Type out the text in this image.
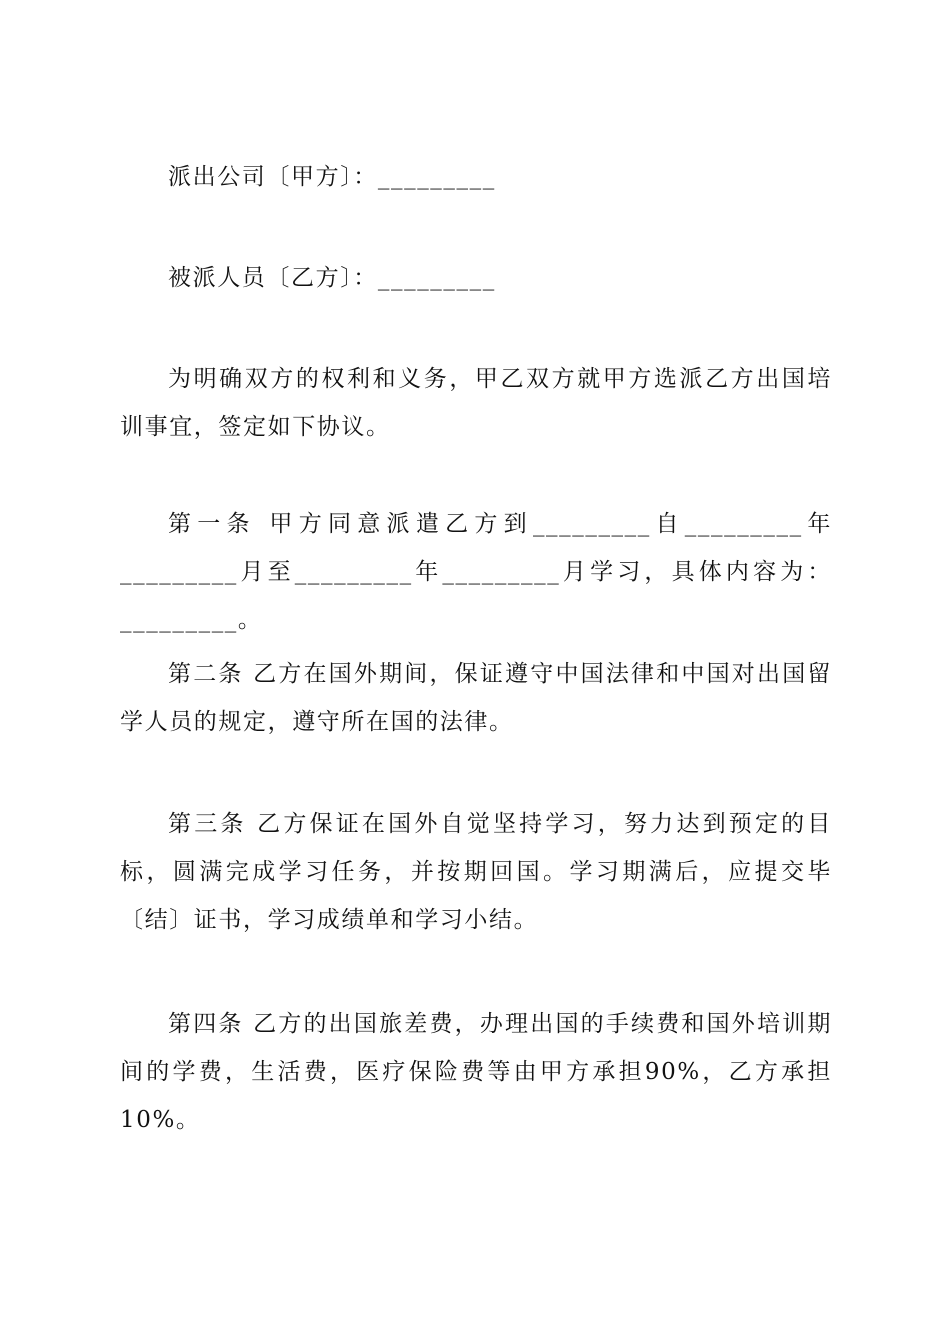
派出公司〔甲方〕：_________

被派人员〔乙方〕：_________

为明确双方的权利和义务，甲乙双方就甲方选派乙方出国培训事宜，签定如下协议。

第一条 甲方同意派遣乙方到_________自_________年_________月至_________年_________月学习，具体内容为：_________。

第二条 乙方在国外期间，保证遵守中国法律和中国对出国留学人员的规定，遵守所在国的法律。

第三条 乙方保证在国外自觉坚持学习，努力达到预定的目标，圆满完成学习任务，并按期回国。学习期满后，应提交毕〔结〕证书，学习成绩单和学习小结。

第四条 乙方的出国旅差费，办理出国的手续费和国外培训期间的学费，生活费，医疗保险费等由甲方承担90%，乙方承担10%。
